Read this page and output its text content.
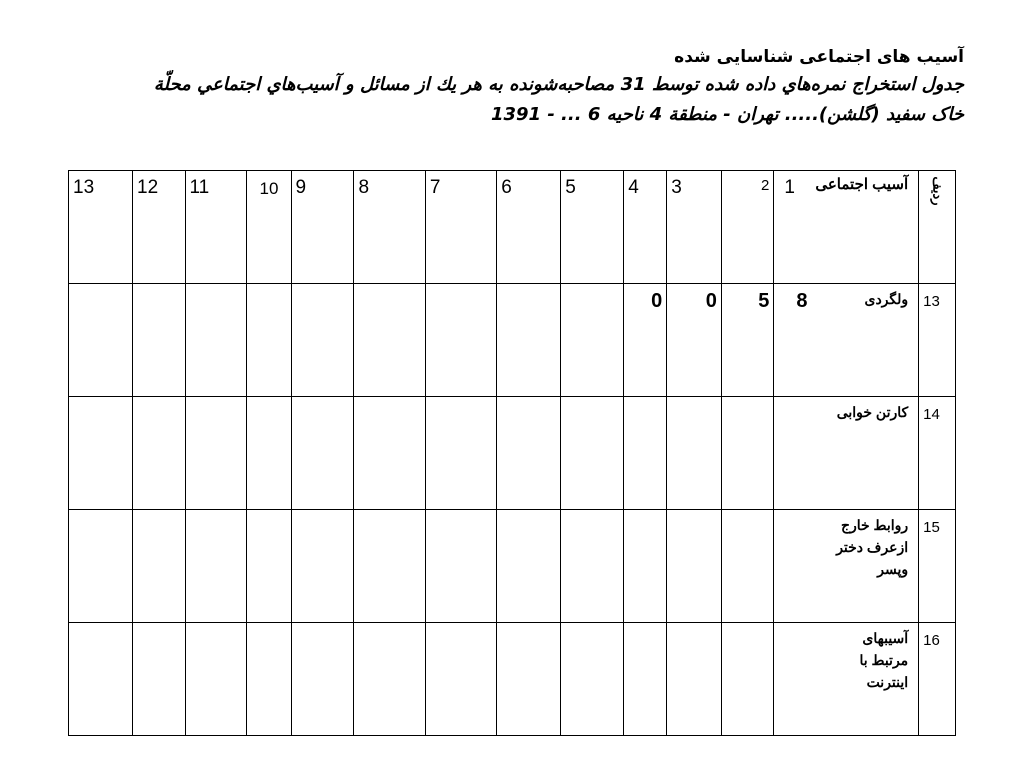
آسیب های اجتماعی شناسایی شده
جدول استخراج نمره‌هاي داده شده توسط 31 مصاحبه‌شونده به هر يك از مسائل و آسيب‌هاي اجتماعي محلّة
خاک سفید (گلشن)..... تهران - منطقة 4 ناحيه 6 ... - 1391
13	12	11	10	9	8	7	6	5	4	3	2	1 آسیب اجتماعی	ردیف
									0	0	5	8 ولگردی	13

												کارتن خوابی	14

												روابط خارج ازعرف دختر وپسر	15

												آسیبهای مرتبط با اینترنت	16
